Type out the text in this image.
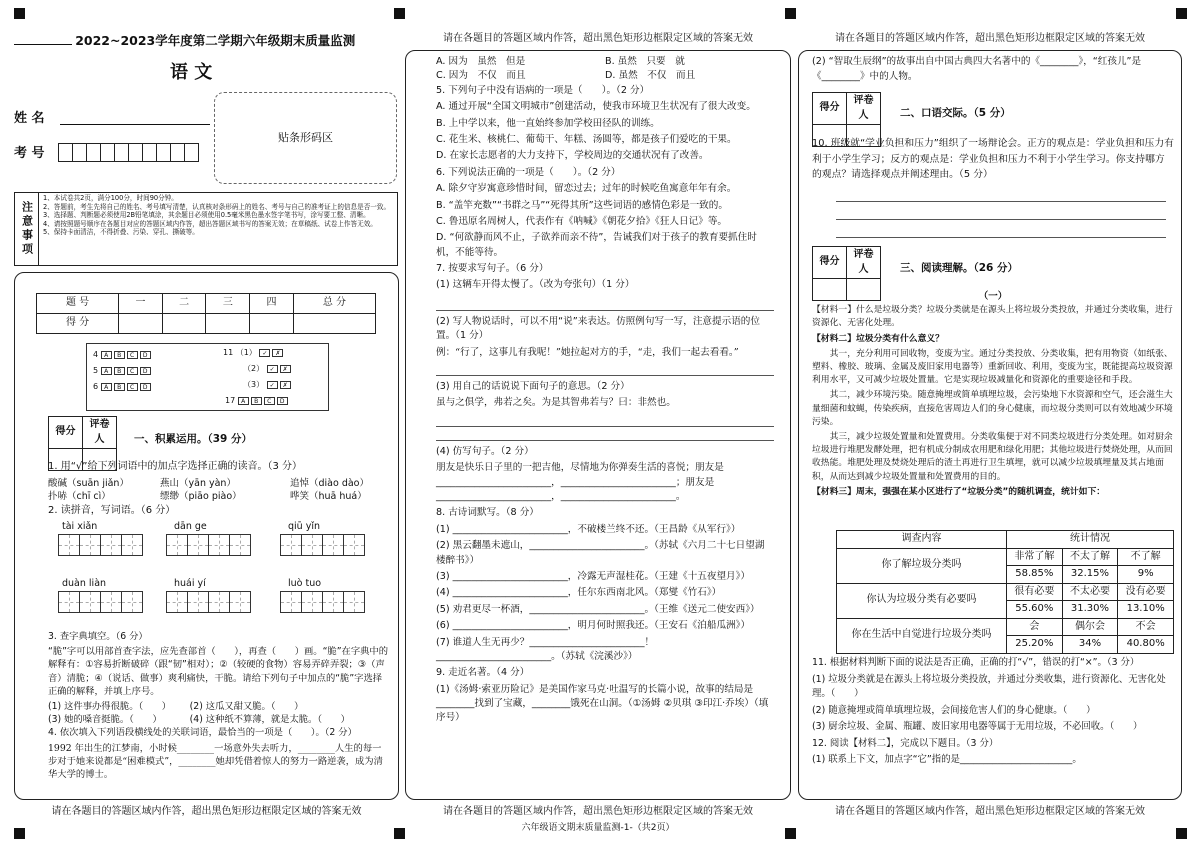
2022~2023学年度第二学期六年级期末质量监测
语 文
姓 名
考 号
贴条形码区
注意事项
1、本试卷共2页，满分100分，时间90分钟。
2、答题前，考生先将自己的姓名、考号填写清楚，认真核对条形码上的姓名、考号与自己的准考证上的信息是否一致。
3、选择题、判断题必须使用2B铅笔填涂，其余题目必须使用0.5毫米黑色墨水签字笔书写，涂写要工整、清晰。
4、请按照题号顺序在各题目对应的答题区域内作答，超出答题区域书写的答案无效；在草稿纸、试卷上作答无效。
5、保持卡面清洁，不得折叠、污染、穿孔、撕破等。
题 号	一	二	三	四	总 分
得 分					
4 A B C D
5 A B C D
6 A B C D
11 （1） ✓ ✗
（2） ✓ ✗
（3） ✓ ✗
17 A B C D
得分	评卷人
		一、积累运用。（39 分）

1. 用“√”给下列词语中的加点字选择正确的读音。（3 分）

酸碱（suān jiǎn）	燕山（yān yàn）	追悼（diào dào）
扑哧（chī cì）	缥缈（piāo piào）	哗笑（huā huá）

2. 读拼音，写词语。（6 分）

tài xiǎn	dān ge	qiū yǐn
duàn liàn	huái yí	luò tuo

3. 查字典填空。（6 分）

“脆”字可以用部首查字法，应先查部首（　　），再查（　　）画。“脆”在字典中的解释有：①容易折断破碎（跟“韧”相对）；②（较硬的食物）容易弄碎弄裂；③（声音）清脆；④（说话、做事）爽利痛快，干脆。请给下列句子中加点的“脆”字选择正确的解释，并填上序号。

(1) 这件事办得很脆。（　　）	(2) 这瓜又甜又脆。（　　）
(3) 她的嗓音挺脆。（　　）	(4) 这种纸不算薄，就是太脆。（　　）

4. 依次填入下列语段横线处的关联词语，最恰当的一项是（　　）。（2 分）

1992 年出生的江梦南，小时候________一场意外失去听力，________人生的每一步对于她来说都是“困难模式”，________她却凭借着惊人的努力一路逆袭，成为清华大学的博士。

请在各题目的答题区域内作答，超出黑色矩形边框限定区域的答案无效
请在各题目的答题区域内作答，超出黑色矩形边框限定区域的答案无效
A. 因为　虽然　但是	B. 虽然　只要　就
C. 因为　不仅　而且	D. 虽然　不仅　而且

5. 下列句子中没有语病的一项是（　　）。（2 分）

A. 通过开展“全国文明城市”创建活动，使我市环境卫生状况有了很大改变。

B. 上中学以来，他一直始终参加学校田径队的训练。

C. 花生米、核桃仁、葡萄干、年糕、汤圆等，都是孩子们爱吃的干果。

D. 在家长志愿者的大力支持下，学校周边的交通状况有了改善。

6. 下列说法正确的一项是（　　）。（2 分）

A. 除夕守岁寓意珍惜时间，留恋过去；过年的时候吃鱼寓意年年有余。

B. “盖竿充数”“书群之马”“死得其所”这些词语的感情色彩是一致的。

C. 鲁迅原名周树人，代表作有《呐喊》《朝花夕拾》《狂人日记》等。

D. “何欲静而风不止，子欲养而亲不待”，告诫我们对于孩子的教育要抓住时机，不能等待。

7. 按要求写句子。（6 分）

(1) 这辆车开得太慢了。（改为夸张句）（1 分）

(2) 写人物说话时，可以不用“说”来表达。仿照例句写一写，注意提示语的位置。（1 分）

例：“行了，这事儿有我呢！”她拉起对方的手，“走，我们一起去看看。”

(3) 用自己的话说说下面句子的意思。（2 分）

虽与之俱学，弗若之矣。为是其智弗若与？曰：非然也。

(4) 仿写句子。（2 分）

朋友是快乐日子里的一把吉他，尽情地为你弹奏生活的喜悦；朋友是________________________，________________________；朋友是________________________，________________________。

8. 古诗词默写。（8 分）

(1) ________________________，不破楼兰终不还。（王昌龄《从军行》）

(2) 黑云翻墨未遮山，________________________。（苏轼《六月二十七日望湖楼醉书》）

(3) ________________________，冷露无声湿桂花。（王建《十五夜望月》）

(4) ________________________，任尔东西南北风。（郑燮《竹石》）

(5) 劝君更尽一杯酒，________________________。（王维《送元二使安西》）

(6) ________________________，明月何时照我还。（王安石《泊船瓜洲》）

(7) 谁道人生无再少？________________________！________________________。（苏轼《浣溪沙》）

9. 走近名著。（4 分）

(1)《汤姆·索亚历险记》是美国作家马克·吐温写的长篇小说，故事的结局是________找到了宝藏，________饿死在山洞。（①汤姆 ②贝琪 ③印江·乔埃）（填序号）

请在各题目的答题区域内作答，超出黑色矩形边框限定区域的答案无效
六年级语文期末质量监测-1-（共2页）
请在各题目的答题区域内作答，超出黑色矩形边框限定区域的答案无效
(2) “智取生辰纲”的故事出自中国古典四大名著中的《________》，“红孩儿”是《________》中的人物。
得分	评卷人
		二、口语交际。（5 分）
10. 班级就“学业负担和压力”组织了一场辩论会。正方的观点是：学业负担和压力有利于小学生学习；反方的观点是：学业负担和压力不利于小学生学习。你支持哪方的观点？请选择观点并阐述理由。（5 分）
得分	评卷人
		三、阅读理解。（26 分）
（一）

【材料一】什么是垃圾分类？垃圾分类就是在源头上将垃圾分类投放，并通过分类收集，进行资源化、无害化处理。

【材料二】垃圾分类有什么意义？

其一，充分利用可回收物，变废为宝。通过分类投放、分类收集，把有用物资（如纸张、塑料、橡胶、玻璃、金属及废旧家用电器等）重新回收、利用，变废为宝，既能提高垃圾资源利用水平，又可减少垃圾处置量。它是实现垃圾减量化和资源化的重要途径和手段。

其二，减少环境污染。随意掩埋或简单填埋垃圾，会污染地下水资源和空气，还会滋生大量细菌和蚊蝇，传染疾病，直接危害周边人们的身心健康，而垃圾分类则可以有效地减少环境污染。

其三，减少垃圾处置量和处置费用。分类收集便于对不同类垃圾进行分类处理。如对厨余垃圾进行堆肥发酵处理，把有机成分制成农用肥和绿化用肥；其他垃圾进行焚烧处理，从而回收热能。堆肥处理及焚烧处理后的渣土再进行卫生填埋，就可以减少垃圾填埋量及其占地面积，从而达到减少垃圾处置量和处置费用的目的。

【材料三】周末，强强在某小区进行了“垃圾分类”的随机调查，统计如下：

调查内容	统计情况		
你了解垃圾分类吗	非常了解	不太了解	不了解
	58.85%	32.15%	9%
你认为垃圾分类有必要吗	很有必要	不太必要	没有必要
	55.60%	31.30%	13.10%
你在生活中自觉进行垃圾分类吗	会	偶尔会	不会
	25.20%	34%	40.80%

11. 根据材料判断下面的说法是否正确，正确的打“√”，错误的打“×”。（3 分）

(1) 垃圾分类就是在源头上将垃圾分类投放，并通过分类收集，进行资源化、无害化处理。（　　）

(2) 随意掩埋或简单填埋垃圾，会间接危害人们的身心健康。（　　）

(3) 厨余垃圾、金属、瓶罐、废旧家用电器等属于无用垃圾，不必回收。（　　）

12. 阅读【材料二】，完成以下题目。（3 分）

(1) 联系上下文，加点字“它”指的是________________________。

请在各题目的答题区域内作答，超出黑色矩形边框限定区域的答案无效
